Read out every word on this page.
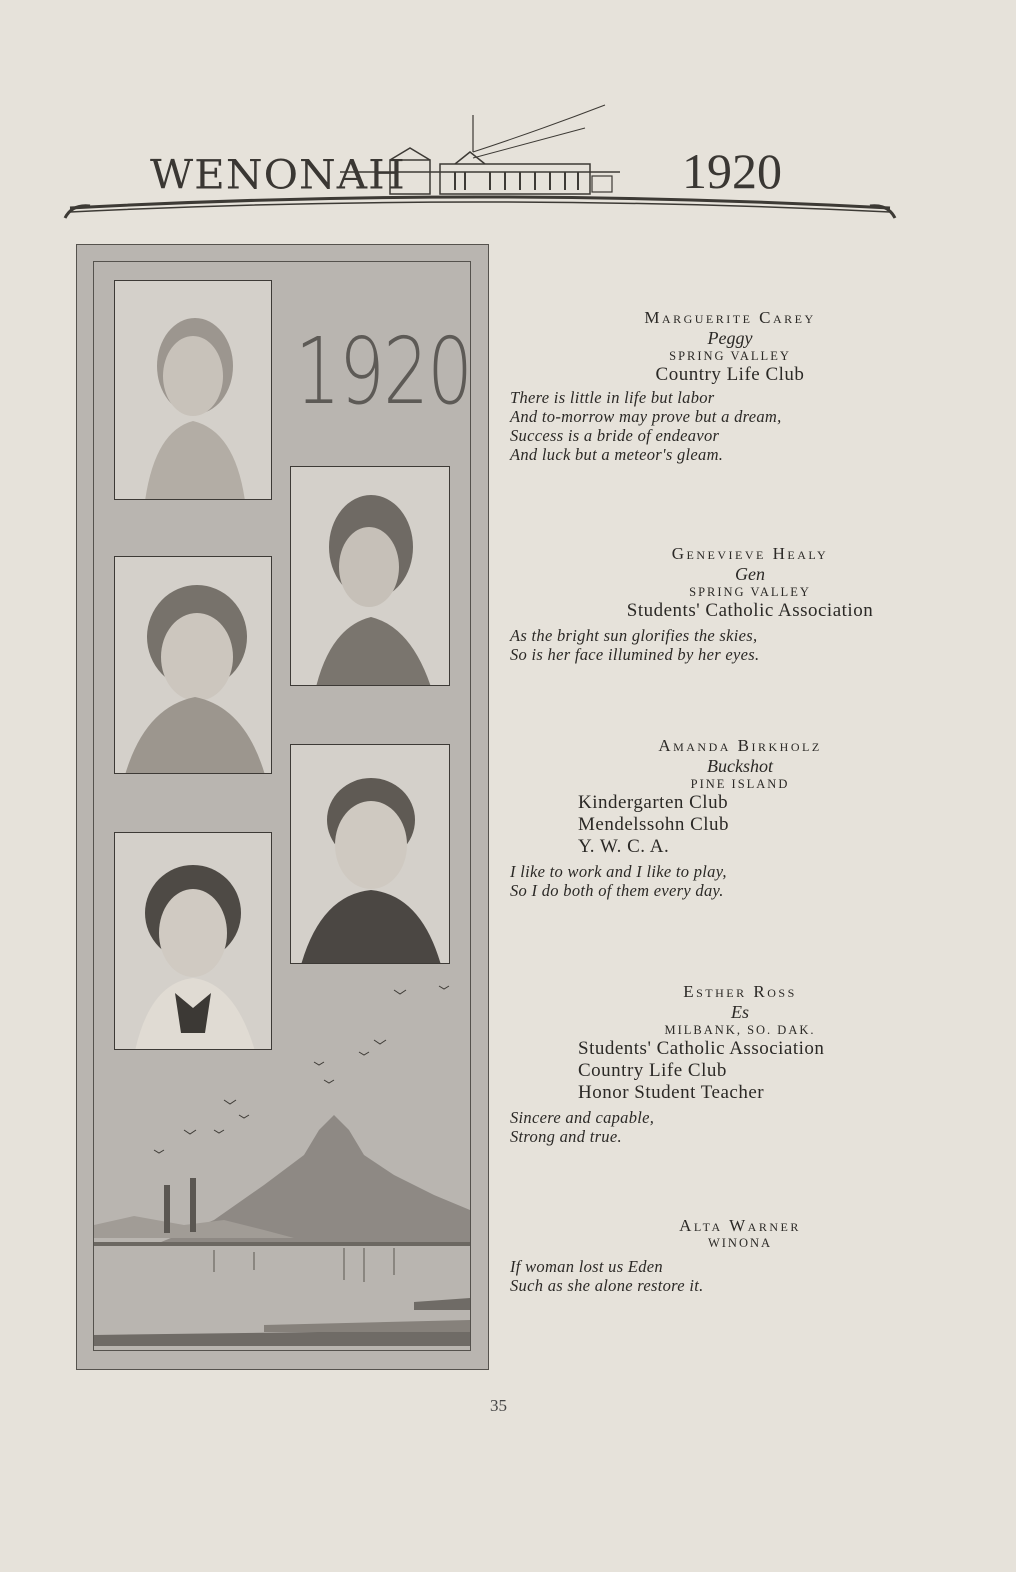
WENONAH	1920
1920
Marguerite Carey
Peggy
SPRING VALLEY
Country Life Club
There is little in life but labor
And to-morrow may prove but a dream,
Success is a bride of endeavor
And luck but a meteor's gleam.
Genevieve Healy
Gen
SPRING VALLEY
Students' Catholic Association
As the bright sun glorifies the skies,
So is her face illumined by her eyes.
Amanda Birkholz
Buckshot
PINE ISLAND
Kindergarten Club
Mendelssohn Club
Y. W. C. A.
I like to work and I like to play,
So I do both of them every day.
Esther Ross
Es
MILBANK, SO. DAK.
Students' Catholic Association
Country Life Club
Honor Student Teacher
Sincere and capable,
Strong and true.
Alta Warner
WINONA
If woman lost us Eden
Such as she alone restore it.
35
